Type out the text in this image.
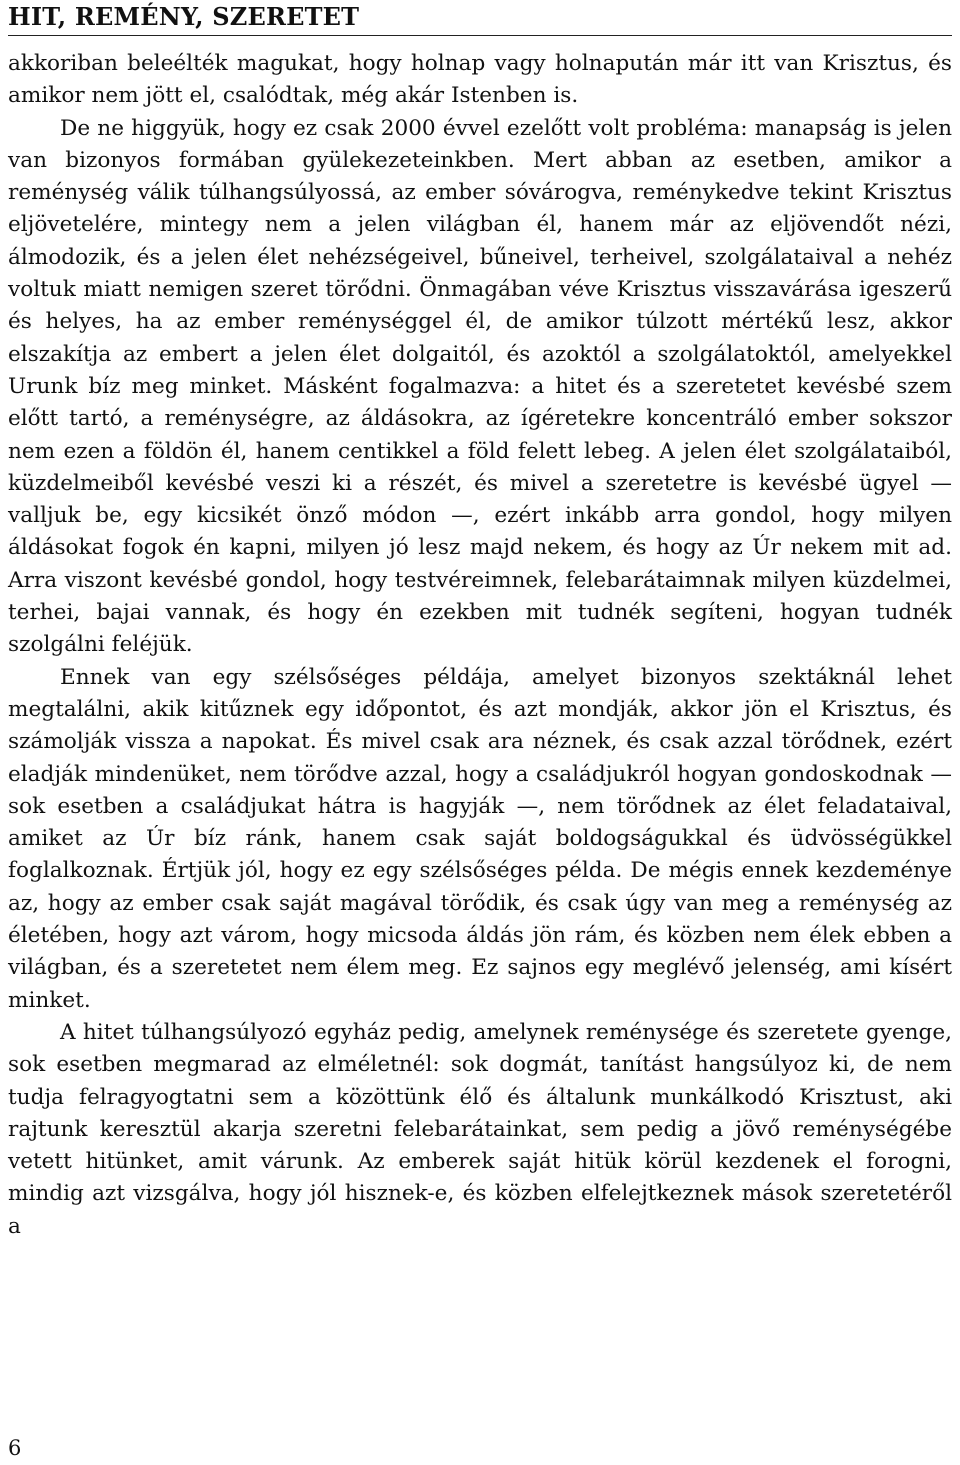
HIT, REMÉNY, SZERETET

akkoriban beleélték magukat, hogy holnap vagy holnapután már itt van Krisztus, és amikor nem jött el, csalódtak, még akár Istenben is.

De ne higgyük, hogy ez csak 2000 évvel ezelőtt volt probléma: manapság is jelen van bizonyos formában gyülekezeteinkben. Mert abban az esetben, amikor a reménység válik túlhangsúlyossá, az ember sóvárogva, reménykedve tekint Krisztus eljövetelére, mintegy nem a jelen világban él, hanem már az eljövendőt nézi, álmodozik, és a jelen élet nehézségeivel, bűneivel, terheivel, szolgálataival a nehéz voltuk miatt nemigen szeret törődni. Önmagában véve Krisztus visszavárása igeszerű és helyes, ha az ember reménységgel él, de amikor túlzott mértékű lesz, akkor elszakítja az embert a jelen élet dolgaitól, és azoktól a szolgálatoktól, amelyekkel Urunk bíz meg minket. Másként fogalmazva: a hitet és a szeretetet kevésbé szem előtt tartó, a reménységre, az áldásokra, az ígéretekre koncentráló ember sokszor nem ezen a földön él, hanem centikkel a föld felett lebeg. A jelen élet szolgálataiból, küzdelmeiből kevésbé veszi ki a részét, és mivel a szeretetre is kevésbé ügyel — valljuk be, egy kicsikét önző módon —, ezért inkább arra gondol, hogy milyen áldásokat fogok én kapni, milyen jó lesz majd nekem, és hogy az Úr nekem mit ad. Arra viszont kevésbé gondol, hogy testvéreimnek, felebarátaimnak milyen küzdelmei, terhei, bajai vannak, és hogy én ezekben mit tudnék segíteni, hogyan tudnék szolgálni feléjük.

Ennek van egy szélsőséges példája, amelyet bizonyos szektáknál lehet megtalálni, akik kitűznek egy időpontot, és azt mondják, akkor jön el Krisztus, és számolják vissza a napokat. És mivel csak ara néznek, és csak azzal törődnek, ezért eladják mindenüket, nem törődve azzal, hogy a családjukról hogyan gondoskodnak — sok esetben a családjukat hátra is hagyják —, nem törődnek az élet feladataival, amiket az Úr bíz ránk, hanem csak saját boldogságukkal és üdvösségükkel foglalkoznak. Értjük jól, hogy ez egy szélsőséges példa. De mégis ennek kezdeménye az, hogy az ember csak saját magával törődik, és csak úgy van meg a reménység az életében, hogy azt várom, hogy micsoda áldás jön rám, és közben nem élek ebben a világban, és a szeretetet nem élem meg. Ez sajnos egy meglévő jelenség, ami kísért minket.

A hitet túlhangsúlyozó egyház pedig, amelynek reménysége és szeretete gyenge, sok esetben megmarad az elméletnél: sok dogmát, tanítást hangsúlyoz ki, de nem tudja felragyogtatni sem a közöttünk élő és általunk munkálkodó Krisztust, aki rajtunk keresztül akarja szeretni felebarátainkat, sem pedig a jövő reménységébe vetett hitünket, amit várunk. Az emberek saját hitük körül kezdenek el forogni, mindig azt vizsgálva, hogy jól hisznek-e, és közben elfelejtkeznek mások szeretetéről a

6
